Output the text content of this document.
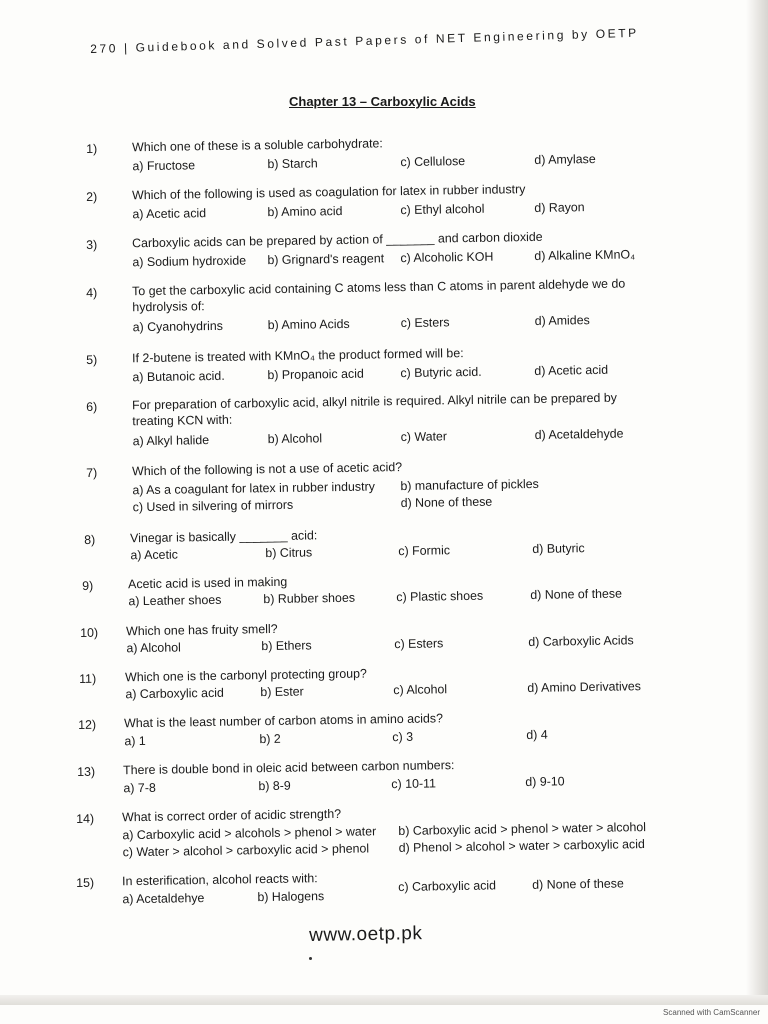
270 | Guidebook and Solved Past Papers of NET Engineering by OETP
Chapter 13 – Carboxylic Acids
1)	Which one of these is a soluble carbohydrate:
a) Fructose	b) Starch	c) Cellulose	d) Amylase
2)	Which of the following is used as coagulation for latex in rubber industry
a) Acetic acid	b) Amino acid	c) Ethyl alcohol	d) Rayon
3)	Carboxylic acids can be prepared by action of _______ and carbon dioxide
a) Sodium hydroxide b) Grignard's reagent c) Alcoholic KOH	d) Alkaline KMnO₄
4)	To get the carboxylic acid containing C atoms less than C atoms in parent aldehyde we do hydrolysis of:
a) Cyanohydrins	b) Amino Acids	c) Esters	d) Amides
5)	If 2-butene is treated with KMnO₄ the product formed will be:
a) Butanoic acid.	b) Propanoic acid	c) Butyric acid.	d) Acetic acid
6)	For preparation of carboxylic acid, alkyl nitrile is required. Alkyl nitrile can be prepared by treating KCN with:
a) Alkyl halide	b) Alcohol	c) Water	d) Acetaldehyde
7)	Which of the following is not a use of acetic acid?
a) As a coagulant for latex in rubber industry b) manufacture of pickles
c) Used in silvering of mirrors	d) None of these
8)	Vinegar is basically _______ acid:
a) Acetic	b) Citrus	c) Formic	d) Butyric
9)	Acetic acid is used in making
a) Leather shoes	b) Rubber shoes	c) Plastic shoes	d) None of these
10)	Which one has fruity smell?
a) Alcohol	b) Ethers	c) Esters	d) Carboxylic Acids
11)	Which one is the carbonyl protecting group?
a) Carboxylic acid	b) Ester	c) Alcohol	d) Amino Derivatives
12)	What is the least number of carbon atoms in amino acids?
a) 1	b) 2	c) 3	d) 4
13)	There is double bond in oleic acid between carbon numbers:
a) 7-8	b) 8-9	c) 10-11	d) 9-10
14)	What is correct order of acidic strength?
a) Carboxylic acid > alcohols > phenol > water b) Carboxylic acid > phenol > water > alcohol
c) Water > alcohol > carboxylic acid > phenol d) Phenol > alcohol > water > carboxylic acid
15)	In esterification, alcohol reacts with:
a) Acetaldehye	b) Halogens
c) Carboxylic acid	d) None of these
www.oetp.pk
Scanned with CamScanner
